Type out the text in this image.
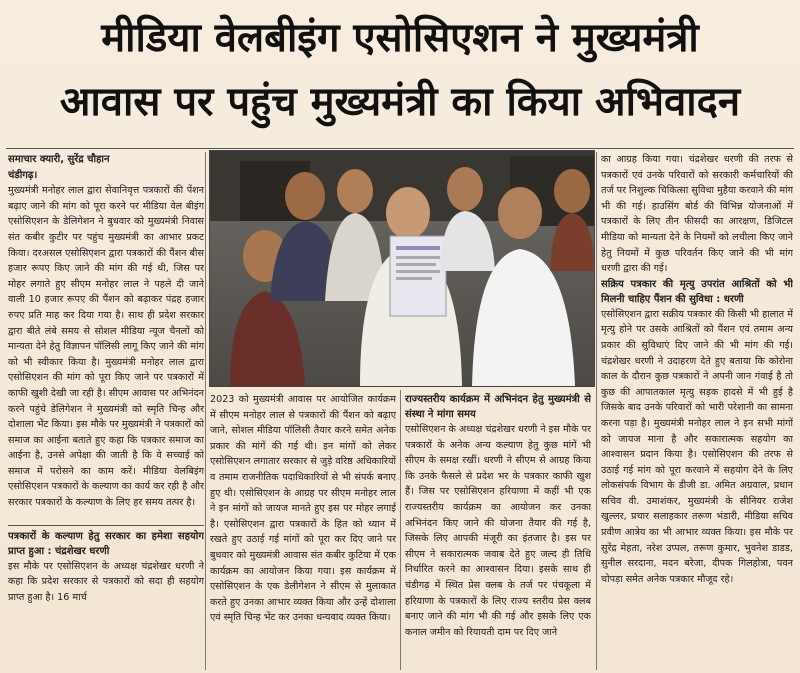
मीडिया वेलबीइंग एसोसिएशन ने मुख्यमंत्री
आवास पर पहुंच मुख्यमंत्री का किया अभिवादन

समाचार क्यारी, सुरेंद्र चौहान

चंडीगढ़।

मुख्यमंत्री मनोहर लाल द्वारा सेवानिवृत्त पत्रकारों की पेंशन बढ़ाए जाने की मांग को पूरा करने पर मीडिया वेल बीइंग एसोसिएशन के डेलिगेशन ने बुधवार को मुख्यमंत्री निवास संत कबीर कुटीर पर पहुंच मुख्यमंत्री का आभार प्रकट किया। दरअसल एसोसिएशन द्वारा पत्रकारों की पैंशन बीस हजार रूपए किए जाने की मांग की गई थी, जिस पर मोहर लगाते हुए सीएम मनोहर लाल ने पहले दी जाने वाली 10 हजार रूपए की पैंशन को बढ़ाकर पंद्रह हजार रुपए प्रति माह कर दिया गया है। साथ ही प्रदेश सरकार द्वारा बीते लंबे समय से सोशल मीडिया न्यूज चैनलों को मान्यता देने हेतु विज्ञापन पॉलिसी लागू किए जाने की मांग को भी स्वीकार किया है। मुख्यमंत्री मनोहर लाल द्वारा एसोसिएशन की मांग को पूरा किए जाने पर पत्रकारों में काफी खुशी देखी जा रही है। सीएम आवास पर अभिनंदन करने पहुंचे डेलिगेशन ने मुख्यमंत्री को स्मृति चिन्ह और दोशाला भेंट किया। इस मौके पर मुख्यमंत्री ने पत्रकारों को समाज का आईना बताते हुए कहा कि पत्रकार समाज का आईना है, उनसे अपेक्षा की जाती है कि वे सच्चाई को समाज में परोसने का काम करें। मीडिया वेलबिइंग एसोसिएशन पत्रकारों के कल्याण का कार्य कर रही है और सरकार पत्रकारों के कल्याण के लिए हर समय तत्पर है।

पत्रकारों के कल्याण हेतु सरकार का हमेशा सहयोग प्राप्त हुआ : चंद्रशेखर धरणी

इस मौके पर एसोसिएशन के अध्यक्ष चंद्रशेखर धरणी ने कहा कि प्रदेश सरकार से पत्रकारों को सदा ही सहयोग प्राप्त हुआ है। 16 मार्च

2023 को मुख्यमंत्री आवास पर आयोजित कार्यक्रम में सीएम मनोहर लाल से पत्रकारों की पैंशन को बढ़ाए जाने, सोशल मीडिया पॉलिसी तैयार करने समेत अनेक प्रकार की मांगें की गई थी। इन मांगों को लेकर एसोसिएशन लगातार सरकार से जुड़े वरिष्ठ अधिकारियों व तमाम राजनीतिक पदाधिकारियों से भी संपर्क बनाए हुए थी। एसोसिएशन के आग्रह पर सीएम मनोहर लाल ने इन मांगों को जायज मानते हुए इस पर मोहर लगाई है। एसोसिएशन द्वारा पत्रकारों के हित को ध्यान में रखते हुए उठाई गई मांगों को पूरा कर दिए जाने पर बुधवार को मुख्यमंत्री आवास संत कबीर कुटिया में एक कार्यक्रम का आयोजन किया गया। इस कार्यक्रम में एसोसिएशन के एक डेलीगेशन ने सीएम से मुलाकात करते हुए उनका आभार व्यक्त किया और उन्हें दोशाला एवं स्मृति चिन्ह भेंट कर उनका धन्यवाद व्यक्त किया।

राज्यस्तरीय कार्यक्रम में अभिनंदन हेतु मुख्यमंत्री से संस्था ने मांगा समय

एसोसिएशन के अध्यक्ष चंद्रशेखर धरणी ने इस मौके पर पत्रकारों के अनेक अन्य कल्याण हेतु कुछ मांगें भी सीएम के समक्ष रखीं। धरणी ने सीएम से आग्रह किया कि उनके फैसले से प्रदेश भर के पत्रकार काफी खुश हैं। जिस पर एसोसिएशन हरियाणा में कहीं भी एक राज्यस्तरीय कार्यक्रम का आयोजन कर उनका अभिनंदन किए जाने की योजना तैयार की गई है, जिसके लिए आपकी मंजूरी का इंतजार है। इस पर सीएम ने सकारात्मक जवाब देते हुए जल्द ही तिथि निर्धारित करने का आश्वासन दिया। इसके साथ ही चंडीगढ़ में स्थित प्रेस क्लब के तर्ज पर पंचकूला में हरियाणा के पत्रकारों के लिए राज्य स्तरीय प्रेस क्लब बनाए जाने की मांग भी की गई और इसके लिए एक कनाल जमीन को रियायती दाम पर दिए जाने

का आग्रह किया गया। चंद्रशेखर धरणी की तरफ से पत्रकारों एवं उनके परिवारों को सरकारी कर्मचारियों की तर्ज पर निशुल्क चिकित्सा सुविधा मुहैया करवाने की मांग भी की गई। हाउसिंग बोर्ड की विभिन्न योजनाओं में पत्रकारों के लिए तीन फीसदी का आरक्षण, डिजिटल मीडिया को मान्यता देने के नियमों को लचीला किए जाने हेतु नियमों में कुछ परिवर्तन किए जाने की भी मांग धरणी द्वारा की गई।

सक्रिय पत्रकार की मृत्यु उपरांत आश्रितों को भी मिलनी चाहिए पैंशन की सुविधा : धरणी

एसोसिएशन द्वारा सक्रीय पत्रकार की किसी भी हालात में मृत्यु होने पर उसके आश्रितों को पैंशन एवं तमाम अन्य प्रकार की सुविधाएं दिए जाने की भी मांग की गई। चंद्रशेखर धरणी ने उदाहरण देते हुए बताया कि कोरोना काल के दौरान कुछ पत्रकारों ने अपनी जान गंवाई है तो कुछ की आपातकाल मृत्यु सड़क हादसे में भी हुई है जिसके बाद उनके परिवारों को भारी परेशानी का सामना करना पड़ा है। मुख्यमंत्री मनोहर लाल ने इन सभी मांगों को जायज माना है और सकारात्मक सहयोग का आश्वासन प्रदान किया है। एसोसिएशन की तरफ से उठाई गई मांग को पूरा करवाने में सहयोग देने के लिए लोकसंपर्क विभाग के डीजी डा. अमित अग्रवाल, प्रधान सचिव वी. उमाशंकर, मुख्यमंत्री के सीनियर राजेश खुल्लर, प्रचार सलाहकार तरूण भंडारी, मीडिया सचिव प्रवीण आत्रेय का भी आभार व्यक्त किया। इस मौके पर सुरेंद्र मेहता, नरेश उप्पल, तरूण कुमार, भुवनेश डाडड, सुनील सरदाना, मदन बरेजा, दीपक गिलहोत्रा, पवन चोपड़ा समेत अनेक पत्रकार मौजूद रहे।
